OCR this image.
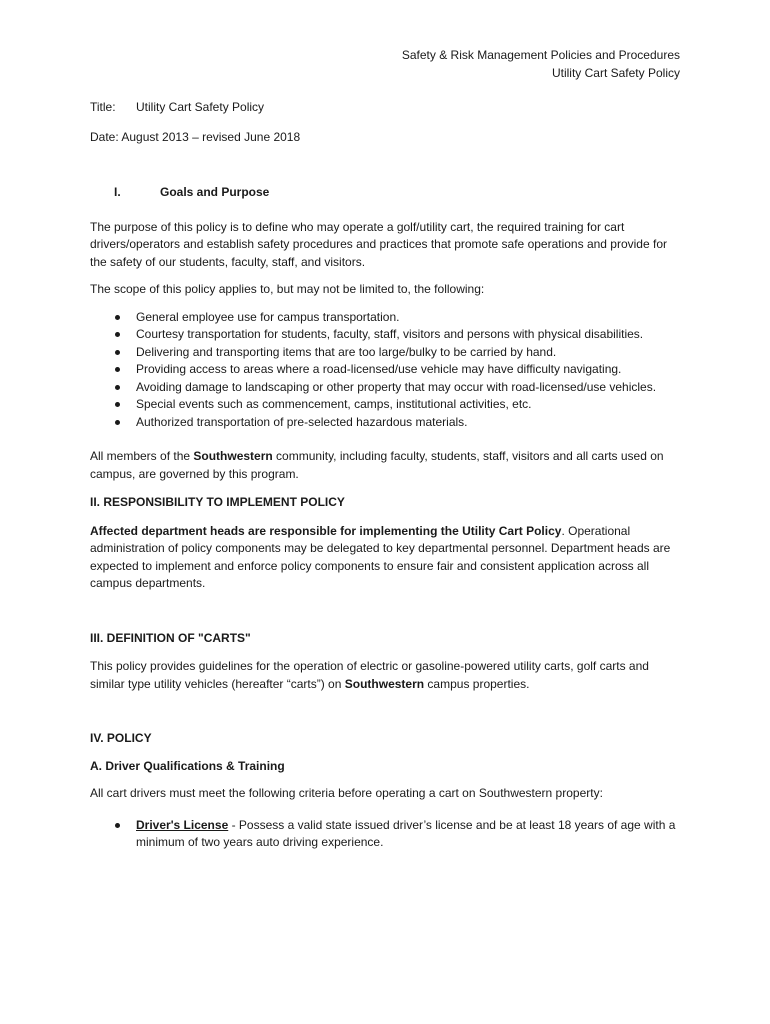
Safety & Risk Management Policies and Procedures
Utility Cart Safety Policy
Title: Utility Cart Safety Policy
Date: August 2013 – revised June 2018
I.	Goals and Purpose

The purpose of this policy is to define who may operate a golf/utility cart, the required training for cart drivers/operators and establish safety procedures and practices that promote safe operations and provide for the safety of our students, faculty, staff, and visitors.

The scope of this policy applies to, but may not be limited to, the following:

General employee use for campus transportation.
Courtesy transportation for students, faculty, staff, visitors and persons with physical disabilities.
Delivering and transporting items that are too large/bulky to be carried by hand.
Providing access to areas where a road-licensed/use vehicle may have difficulty navigating.
Avoiding damage to landscaping or other property that may occur with road-licensed/use vehicles.
Special events such as commencement, camps, institutional activities, etc.
Authorized transportation of pre-selected hazardous materials.

All members of the Southwestern community, including faculty, students, staff, visitors and all carts used on campus, are governed by this program.

II. RESPONSIBILITY TO IMPLEMENT POLICY

Affected department heads are responsible for implementing the Utility Cart Policy. Operational administration of policy components may be delegated to key departmental personnel. Department heads are expected to implement and enforce policy components to ensure fair and consistent application across all campus departments.

III. DEFINITION OF "CARTS"

This policy provides guidelines for the operation of electric or gasoline-powered utility carts, golf carts and similar type utility vehicles (hereafter “carts”) on Southwestern campus properties.

IV. POLICY
A. Driver Qualifications & Training

All cart drivers must meet the following criteria before operating a cart on Southwestern property:

Driver's License - Possess a valid state issued driver’s license and be at least 18 years of age with a minimum of two years auto driving experience.
